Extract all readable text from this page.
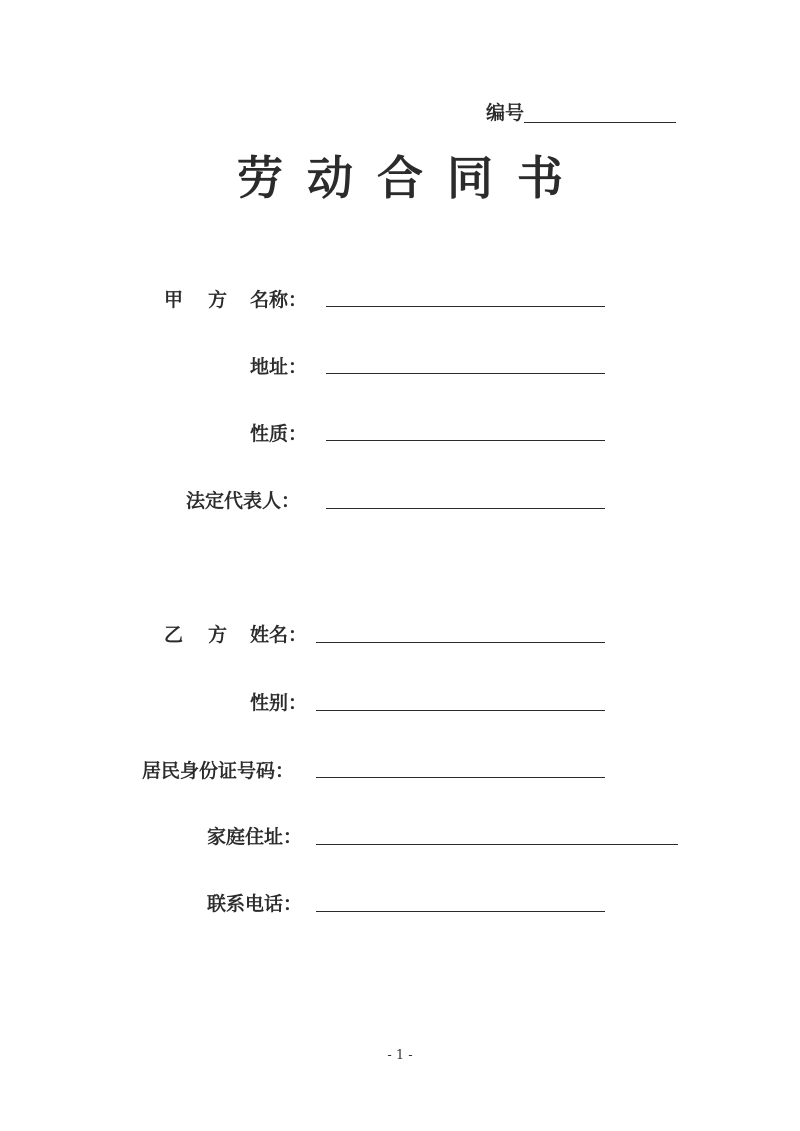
编号
劳动合同书
甲 方 名称：
地址：
性质：
法定代表人：
乙 方 姓名：
性别：
居民身份证号码：
家庭住址：
联系电话：
- 1 -
